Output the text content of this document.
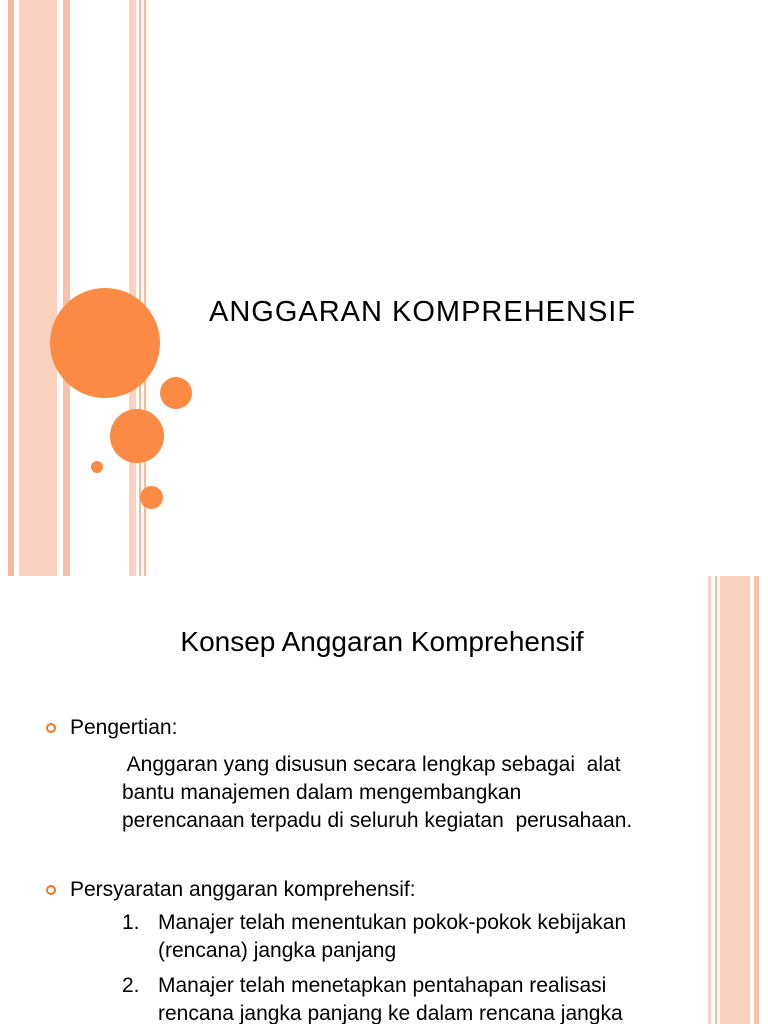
ANGGARAN KOMPREHENSIF
Konsep Anggaran Komprehensif
Pengertian:
Anggaran yang disusun secara lengkap sebagai  alat
bantu manajemen dalam mengembangkan
perencanaan terpadu di seluruh kegiatan  perusahaan.
Persyaratan anggaran komprehensif:
1. Manajer telah menentukan pokok-pokok kebijakan
(rencana) jangka panjang
2. Manajer telah menetapkan pentahapan realisasi
rencana jangka panjang ke dalam rencana jangka
